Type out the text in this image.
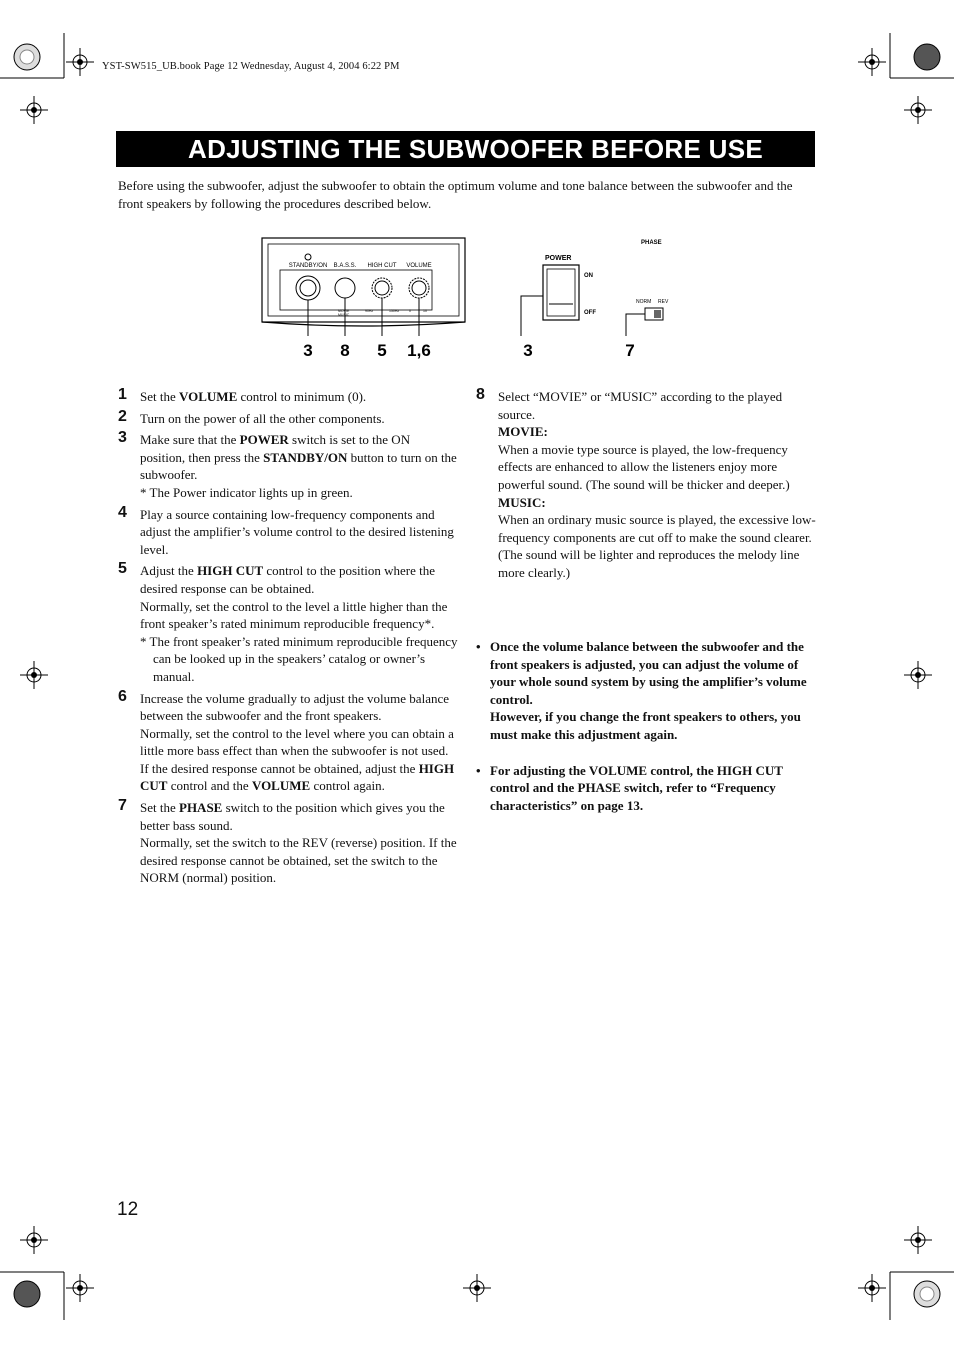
YST-SW515_UB.book Page 12 Wednesday, August 4, 2004 6:22 PM
ADJUSTING THE SUBWOOFER BEFORE USE
Before using the subwoofer, adjust the subwoofer to obtain the optimum volume and tone balance between the subwoofer and the front speakers by following the procedures described below.
STANDBY/ON B.A.S.S. HIGH CUT VOLUME
MOVIE	90Hz	150Hz	0	10
MUSIC
3 8 5 1,6
POWER
ON
OFF
PHASE
NORM REV
3	7
1 Set the VOLUME control to minimum (0).
2 Turn on the power of all the other components.
3 Make sure that the POWER switch is set to the ON position, then press the STANDBY/ON button to turn on the subwoofer.
* The Power indicator lights up in green.
4 Play a source containing low-frequency components and adjust the amplifier’s volume control to the desired listening level.
5 Adjust the HIGH CUT control to the position where the desired response can be obtained.
Normally, set the control to the level a little higher than the front speaker’s rated minimum reproducible frequency*.
* The front speaker’s rated minimum reproducible frequency can be looked up in the speakers’ catalog or owner’s manual.
6 Increase the volume gradually to adjust the volume balance between the subwoofer and the front speakers.
Normally, set the control to the level where you can obtain a little more bass effect than when the subwoofer is not used. If the desired response cannot be obtained, adjust the HIGH CUT control and the VOLUME control again.
7 Set the PHASE switch to the position which gives you the better bass sound.
Normally, set the switch to the REV (reverse) position. If the desired response cannot be obtained, set the switch to the NORM (normal) position.
8 Select “MOVIE” or “MUSIC” according to the played source.
MOVIE:
When a movie type source is played, the low-frequency effects are enhanced to allow the listeners enjoy more powerful sound. (The sound will be thicker and deeper.)
MUSIC:
When an ordinary music source is played, the excessive low-frequency components are cut off to make the sound clearer. (The sound will be lighter and reproduces the melody line more clearly.)
• Once the volume balance between the subwoofer and the front speakers is adjusted, you can adjust the volume of your whole sound system by using the amplifier’s volume control.
However, if you change the front speakers to others, you must make this adjustment again.
• For adjusting the VOLUME control, the HIGH CUT control and the PHASE switch, refer to “Frequency characteristics” on page 13.
12
